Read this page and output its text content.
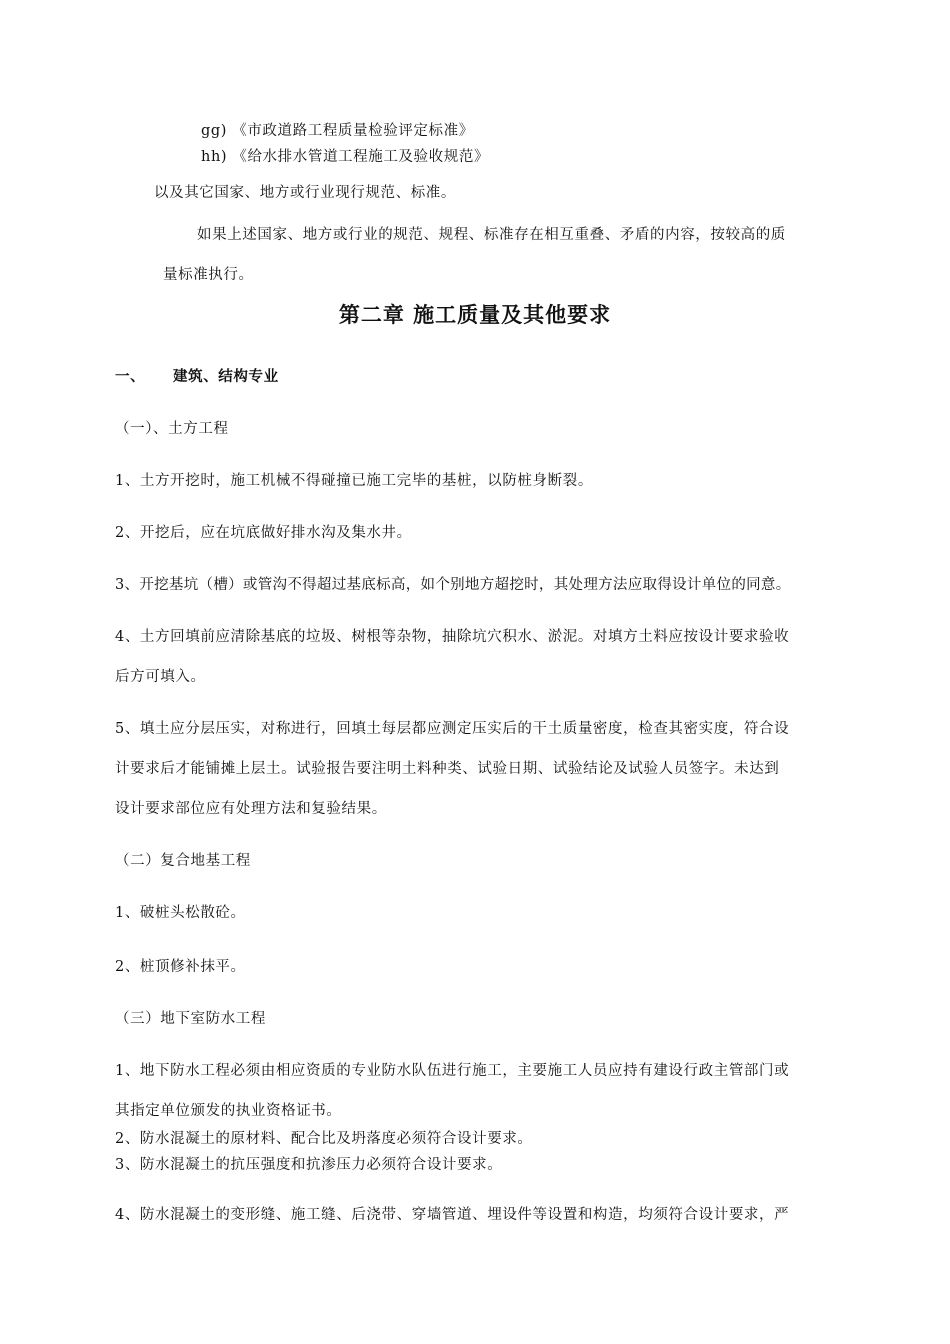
gg) 《市政道路工程质量检验评定标准》
hh) 《给水排水管道工程施工及验收规范》
以及其它国家、地方或行业现行规范、标准。
如果上述国家、地方或行业的规范、规程、标准存在相互重叠、矛盾的内容，按较高的质
量标准执行。
第二章 施工质量及其他要求
一、 建筑、结构专业
（一）、土方工程
1、土方开挖时，施工机械不得碰撞已施工完毕的基桩，以防桩身断裂。
2、开挖后，应在坑底做好排水沟及集水井。
3、开挖基坑（槽）或管沟不得超过基底标高，如个别地方超挖时，其处理方法应取得设计单位的同意。
4、土方回填前应清除基底的垃圾、树根等杂物，抽除坑穴积水、淤泥。对填方土料应按设计要求验收
后方可填入。
5、填土应分层压实，对称进行，回填土每层都应测定压实后的干土质量密度，检查其密实度，符合设
计要求后才能铺摊上层土。试验报告要注明土料种类、试验日期、试验结论及试验人员签字。未达到
设计要求部位应有处理方法和复验结果。
（二）复合地基工程
1、破桩头松散砼。
2、桩顶修补抹平。
（三）地下室防水工程
1、地下防水工程必须由相应资质的专业防水队伍进行施工，主要施工人员应持有建设行政主管部门或
其指定单位颁发的执业资格证书。
2、防水混凝土的原材料、配合比及坍落度必须符合设计要求。
3、防水混凝土的抗压强度和抗渗压力必须符合设计要求。
4、防水混凝土的变形缝、施工缝、后浇带、穿墙管道、埋设件等设置和构造，均须符合设计要求，严
